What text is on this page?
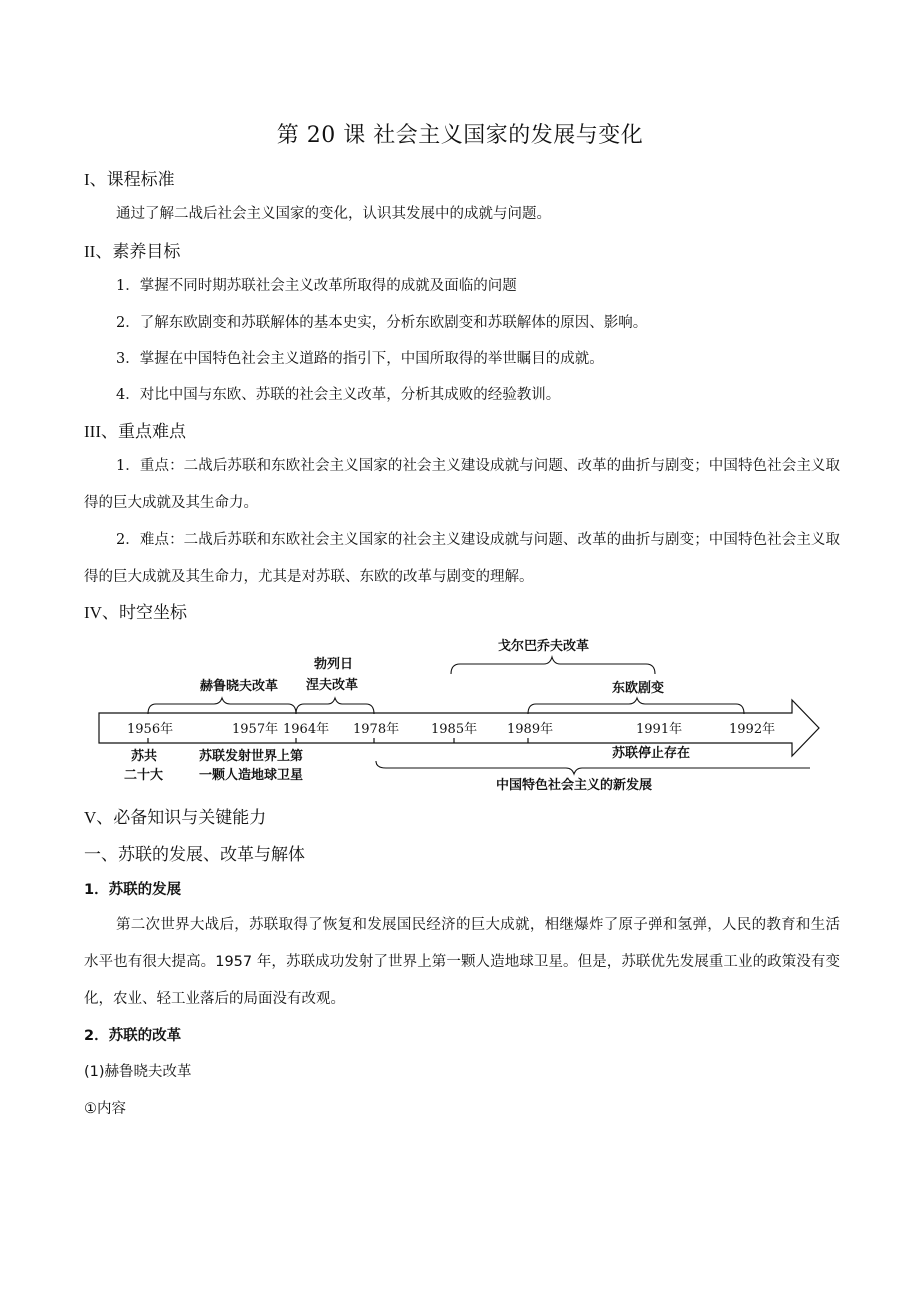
第 20 课 社会主义国家的发展与变化
I、课程标准
通过了解二战后社会主义国家的变化，认识其发展中的成就与问题。
II、素养目标
1．掌握不同时期苏联社会主义改革所取得的成就及面临的问题
2．了解东欧剧变和苏联解体的基本史实，分析东欧剧变和苏联解体的原因、影响。
3．掌握在中国特色社会主义道路的指引下，中国所取得的举世瞩目的成就。
4．对比中国与东欧、苏联的社会主义改革，分析其成败的经验教训。
III、重点难点
1．重点：二战后苏联和东欧社会主义国家的社会主义建设成就与问题、改革的曲折与剧变；中国特色社会主义取得的巨大成就及其生命力。
2．难点：二战后苏联和东欧社会主义国家的社会主义建设成就与问题、改革的曲折与剧变；中国特色社会主义取得的巨大成就及其生命力，尤其是对苏联、东欧的改革与剧变的理解。
IV、时空坐标
1956年	1957年 1964年 1978年 1985年 1989年	1991年	1992年
赫鲁晓夫改革
勃列日
涅夫改革
戈尔巴乔夫改革
东欧剧变
苏共
二十大
苏联发射世界上第
一颗人造地球卫星
苏联停止存在
中国特色社会主义的新发展
V、必备知识与关键能力
一、苏联的发展、改革与解体
1．苏联的发展
第二次世界大战后，苏联取得了恢复和发展国民经济的巨大成就，相继爆炸了原子弹和氢弹，人民的教育和生活水平也有很大提高。1957 年，苏联成功发射了世界上第一颗人造地球卫星。但是，苏联优先发展重工业的政策没有变化，农业、轻工业落后的局面没有改观。
2．苏联的改革
(1)赫鲁晓夫改革
①内容
